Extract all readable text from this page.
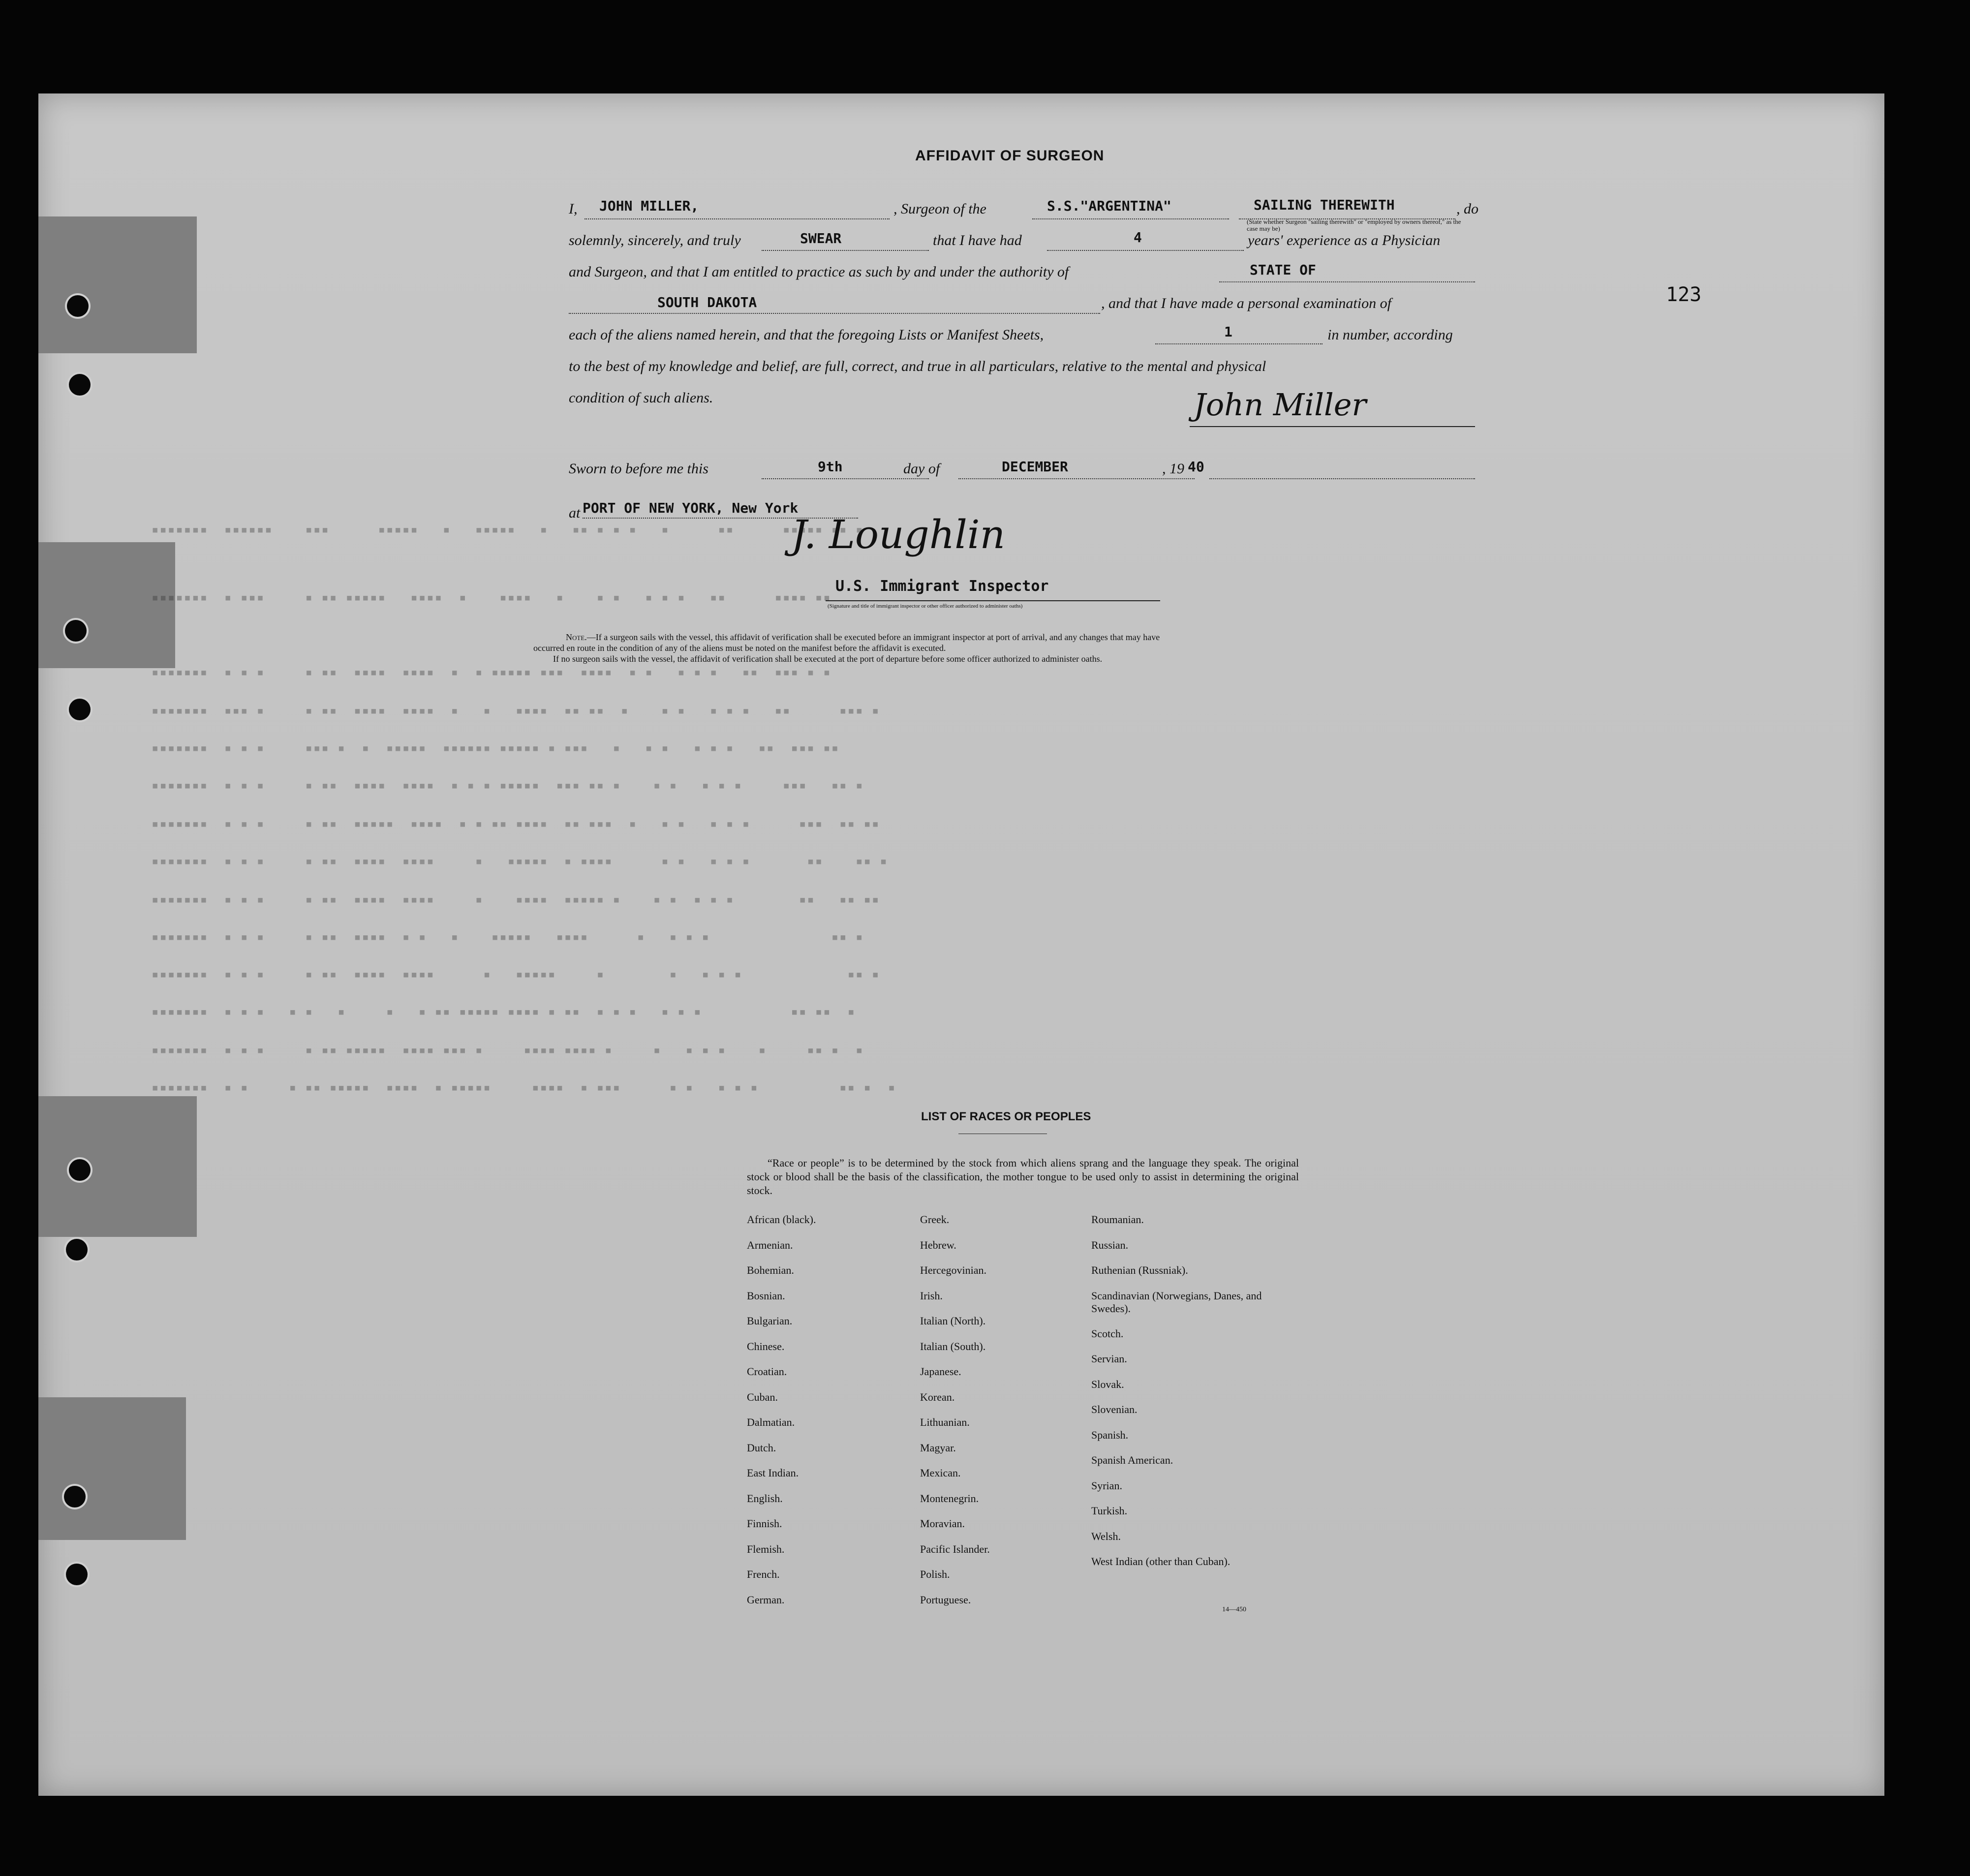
123
▪▪▪▪▪▪▪  ▪▪▪▪▪▪    ▪▪▪      ▪▪▪▪▪   ▪   ▪▪▪▪▪   ▪   ▪▪ ▪ ▪ ▪   ▪      ▪▪      ▪▪▪▪▪ ▪▪ ▪
▪▪▪▪▪▪▪  ▪ ▪▪▪     ▪ ▪▪ ▪▪▪▪▪   ▪▪▪▪  ▪    ▪▪▪▪   ▪    ▪ ▪   ▪ ▪ ▪   ▪▪      ▪▪▪▪ ▪▪
▪▪▪▪▪▪▪  ▪ ▪ ▪     ▪ ▪▪  ▪▪▪▪  ▪▪▪▪  ▪  ▪ ▪▪▪▪▪ ▪▪▪  ▪▪▪▪  ▪ ▪   ▪ ▪ ▪   ▪▪  ▪▪▪ ▪ ▪
▪▪▪▪▪▪▪  ▪▪▪ ▪     ▪ ▪▪  ▪▪▪▪  ▪▪▪▪  ▪   ▪   ▪▪▪▪  ▪▪ ▪▪  ▪    ▪ ▪   ▪ ▪ ▪   ▪▪      ▪▪▪ ▪
▪▪▪▪▪▪▪  ▪ ▪ ▪     ▪▪▪ ▪  ▪  ▪▪▪▪▪  ▪▪▪▪▪▪ ▪▪▪▪▪ ▪ ▪▪▪   ▪   ▪ ▪   ▪ ▪ ▪   ▪▪  ▪▪▪ ▪▪
▪▪▪▪▪▪▪  ▪ ▪ ▪     ▪ ▪▪  ▪▪▪▪  ▪▪▪▪  ▪ ▪ ▪ ▪▪▪▪▪  ▪▪▪ ▪▪ ▪    ▪ ▪   ▪ ▪ ▪     ▪▪▪   ▪▪ ▪
▪▪▪▪▪▪▪  ▪ ▪ ▪     ▪ ▪▪  ▪▪▪▪▪  ▪▪▪▪  ▪ ▪ ▪▪ ▪▪▪▪  ▪▪ ▪▪▪  ▪   ▪ ▪   ▪ ▪ ▪      ▪▪▪  ▪▪ ▪▪
▪▪▪▪▪▪▪  ▪ ▪ ▪     ▪ ▪▪  ▪▪▪▪  ▪▪▪▪     ▪   ▪▪▪▪▪  ▪ ▪▪▪▪      ▪ ▪   ▪ ▪ ▪       ▪▪    ▪▪ ▪
▪▪▪▪▪▪▪  ▪ ▪ ▪     ▪ ▪▪  ▪▪▪▪  ▪▪▪▪     ▪    ▪▪▪▪  ▪▪▪▪▪ ▪    ▪ ▪  ▪ ▪ ▪        ▪▪   ▪▪ ▪▪
▪▪▪▪▪▪▪  ▪ ▪ ▪     ▪ ▪▪  ▪▪▪▪  ▪ ▪   ▪    ▪▪▪▪▪   ▪▪▪▪      ▪   ▪ ▪ ▪               ▪▪ ▪
▪▪▪▪▪▪▪  ▪ ▪ ▪     ▪ ▪▪  ▪▪▪▪  ▪▪▪▪      ▪   ▪▪▪▪▪     ▪        ▪   ▪ ▪ ▪             ▪▪ ▪
▪▪▪▪▪▪▪  ▪ ▪ ▪   ▪ ▪   ▪     ▪   ▪ ▪▪ ▪▪▪▪▪ ▪▪▪▪ ▪ ▪▪  ▪ ▪ ▪   ▪ ▪ ▪           ▪▪ ▪▪  ▪
▪▪▪▪▪▪▪  ▪ ▪ ▪     ▪ ▪▪ ▪▪▪▪▪  ▪▪▪▪ ▪▪▪ ▪     ▪▪▪▪ ▪▪▪▪ ▪     ▪   ▪ ▪ ▪    ▪     ▪▪ ▪  ▪
▪▪▪▪▪▪▪  ▪ ▪     ▪ ▪▪ ▪▪▪▪▪  ▪▪▪▪  ▪ ▪▪▪▪▪     ▪▪▪▪  ▪ ▪▪▪      ▪ ▪   ▪ ▪ ▪          ▪▪ ▪  ▪
AFFIDAVIT OF SURGEON
I, JOHN MILLER,	, Surgeon of the	S.S."ARGENTINA"	SAILING THEREWITH
(State whether Surgeon "sailing therewith" or "employed by owners thereof," as the case may be)
, do
solemnly, sincerely, and truly	SWEAR	that I have had	4	years' experience as a Physician
and Surgeon, and that I am entitled to practice as such by and under the authority of	STATE OF
SOUTH DAKOTA	, and that I have made a personal examination of
each of the aliens named herein, and that the foregoing Lists or Manifest Sheets,	1	in number, according
to the best of my knowledge and belief, are full, correct, and true in all particulars, relative to the mental and physical
condition of such aliens.	John Miller
Sworn to before me this	9th	day of	DECEMBER	, 19 40
at PORT OF NEW YORK, New York
J. Loughlin
U.S. Immigrant Inspector
(Signature and title of immigrant inspector or other officer authorized to administer oaths)
Note.—If a surgeon sails with the vessel, this affidavit of verification shall be executed before an immigrant inspector at port of arrival, and any changes that may have
occurred en route in the condition of any of the aliens must be noted on the manifest before the affidavit is executed.
If no surgeon sails with the vessel, the affidavit of verification shall be executed at the port of departure before some officer authorized to administer oaths.
LIST OF RACES OR PEOPLES
“Race or people” is to be determined by the stock from which aliens sprang and the language they speak. The original stock or blood shall be the basis of the classification, the mother tongue to be used only to assist in determining the original stock.
African (black).
Armenian.
Bohemian.
Bosnian.
Bulgarian.
Chinese.
Croatian.
Cuban.
Dalmatian.
Dutch.
East Indian.
English.
Finnish.
Flemish.
French.
German.
Greek.
Hebrew.
Hercegovinian.
Irish.
Italian (North).
Italian (South).
Japanese.
Korean.
Lithuanian.
Magyar.
Mexican.
Montenegrin.
Moravian.
Pacific Islander.
Polish.
Portuguese.
Roumanian.
Russian.
Ruthenian (Russniak).
Scandinavian (Norwegians, Danes, and Swedes).
Scotch.
Servian.
Slovak.
Slovenian.
Spanish.
Spanish American.
Syrian.
Turkish.
Welsh.
West Indian (other than Cuban).
14—450
